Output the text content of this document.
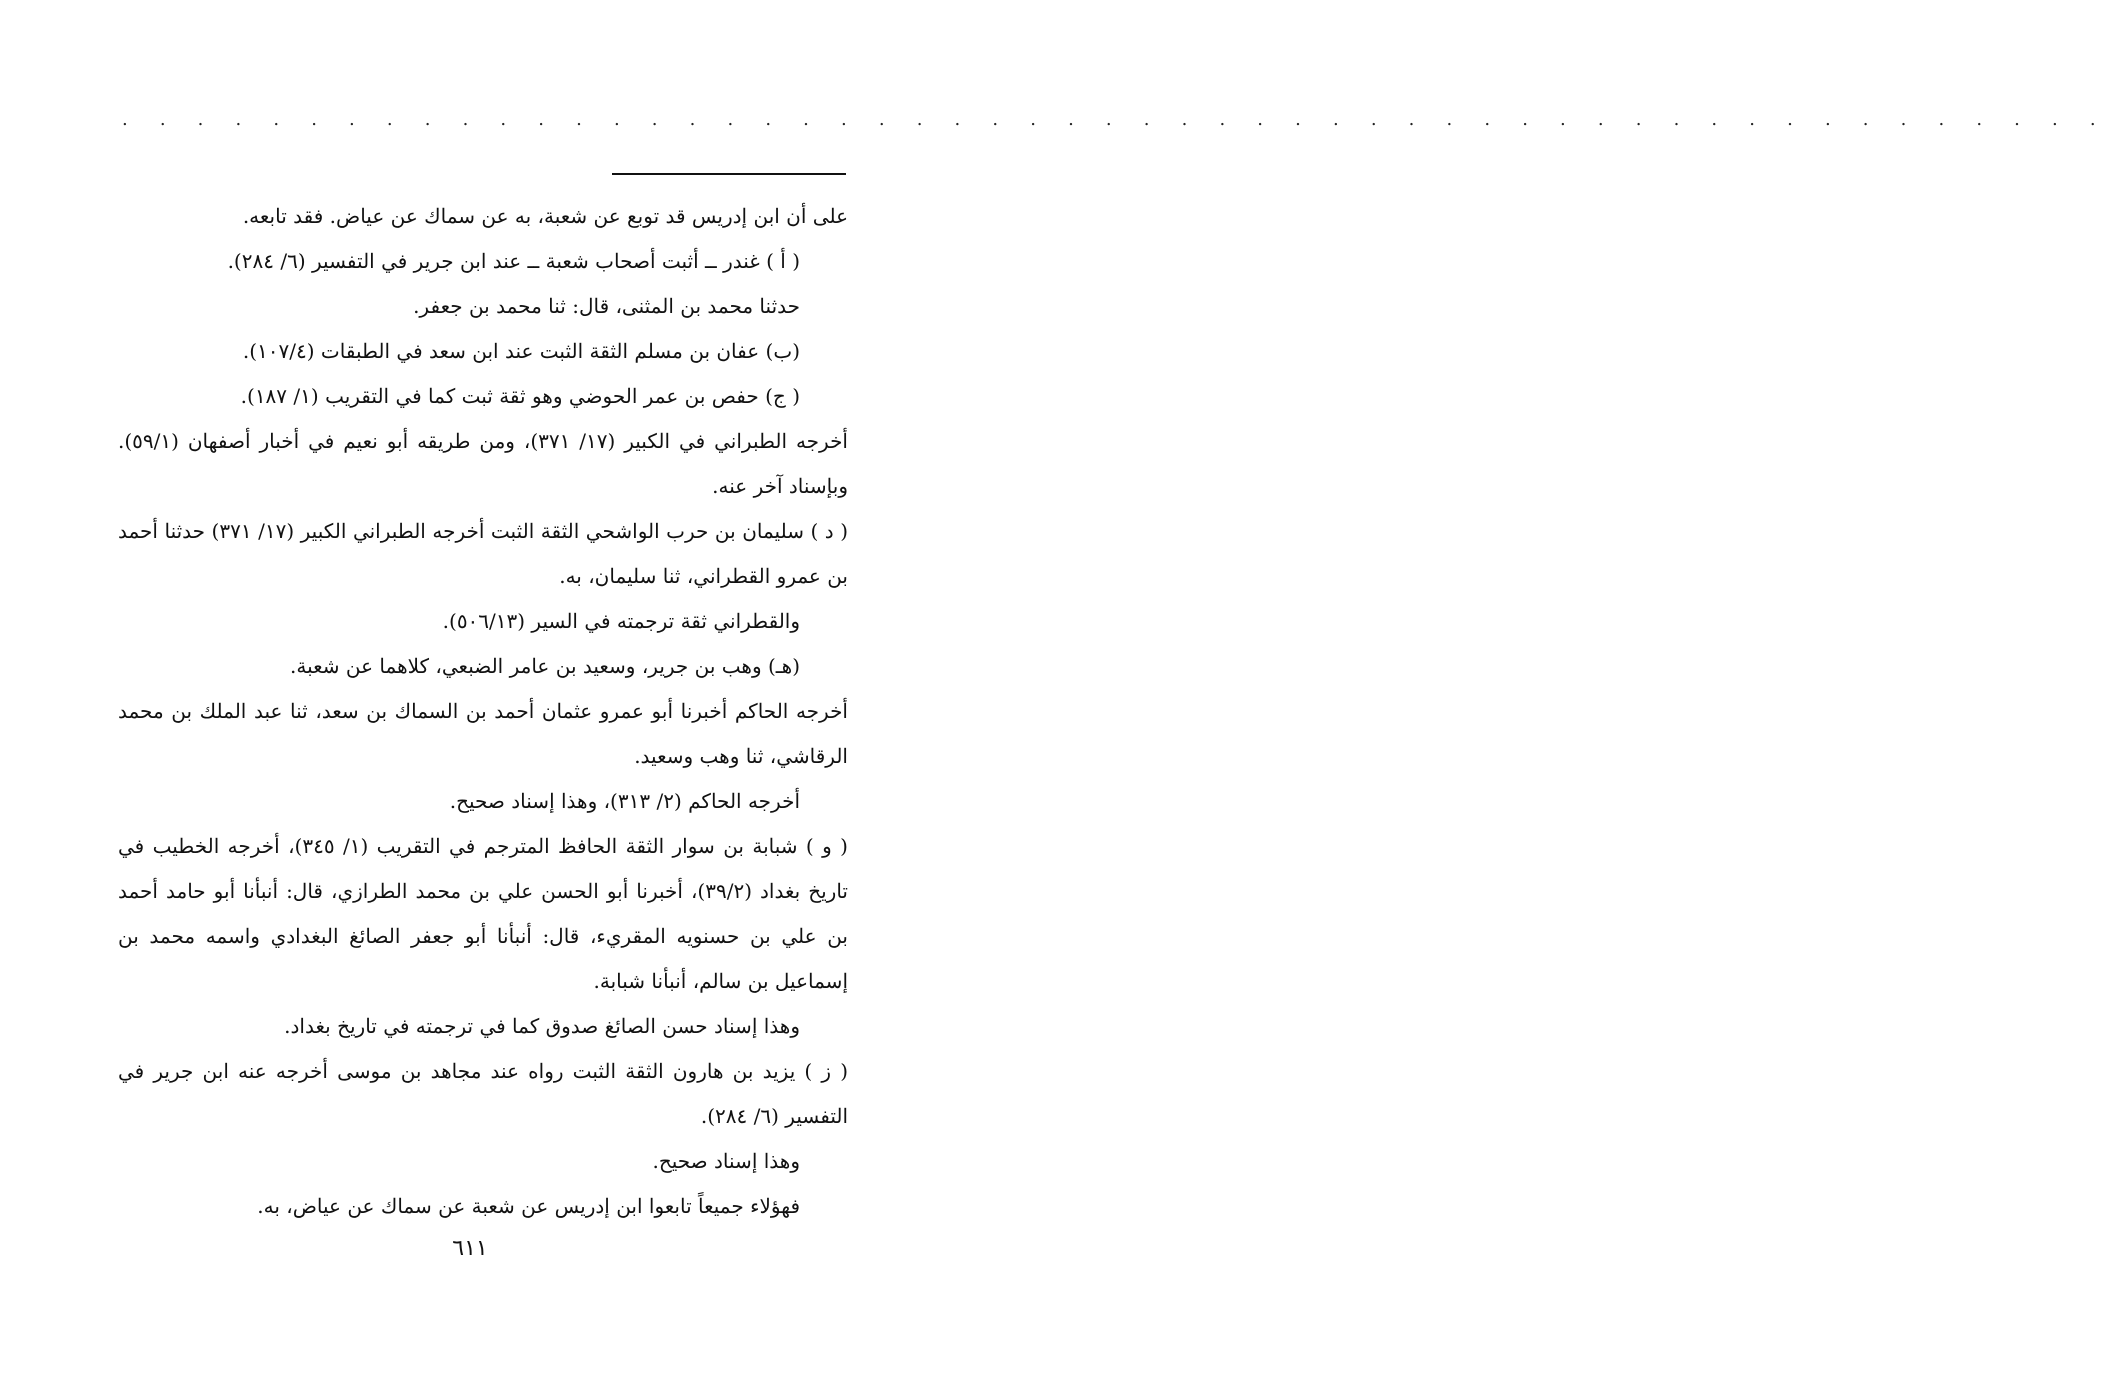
. . . . . . . . . . . . . . . . . . . . . . . . . . . . . . . . . . . . . . . . . . . . . . . . . . . . .

على أن ابن إدريس قد توبع عن شعبة، به عن سماك عن عياض. فقد تابعه.

( أ ) غندر ــ أثبت أصحاب شعبة ــ عند ابن جرير في التفسير (٦/ ٢٨٤).

حدثنا محمد بن المثنى، قال: ثنا محمد بن جعفر.

(ب) عفان بن مسلم الثقة الثبت عند ابن سعد في الطبقات (١٠٧/٤).

( ج) حفص بن عمر الحوضي وهو ثقة ثبت كما في التقريب (١/ ١٨٧).

أخرجه الطبراني في الكبير (١٧/ ٣٧١)، ومن طريقه أبو نعيم في أخبار أصفهان (٥٩/١). وبإسناد آخر عنه.

( د ) سليمان بن حرب الواشحي الثقة الثبت أخرجه الطبراني الكبير (١٧/ ٣٧١) حدثنا أحمد بن عمرو القطراني، ثنا سليمان، به.

والقطراني ثقة ترجمته في السير (٥٠٦/١٣).

(هـ) وهب بن جرير، وسعيد بن عامر الضبعي، كلاهما عن شعبة.

أخرجه الحاكم أخبرنا أبو عمرو عثمان أحمد بن السماك بن سعد، ثنا عبد الملك بن محمد الرقاشي، ثنا وهب وسعيد.

أخرجه الحاكم (٢/ ٣١٣)، وهذا إسناد صحيح.

( و ) شبابة بن سوار الثقة الحافظ المترجم في التقريب (١/ ٣٤٥)، أخرجه الخطيب في تاريخ بغداد (٣٩/٢)، أخبرنا أبو الحسن علي بن محمد الطرازي، قال: أنبأنا أبو حامد أحمد بن علي بن حسنويه المقريء، قال: أنبأنا أبو جعفر الصائغ البغدادي واسمه محمد بن إسماعيل بن سالم، أنبأنا شبابة.

وهذا إسناد حسن الصائغ صدوق كما في ترجمته في تاريخ بغداد.

( ز ) يزيد بن هارون الثقة الثبت رواه عند مجاهد بن موسى أخرجه عنه ابن جرير في التفسير (٦/ ٢٨٤).

وهذا إسناد صحيح.

فهؤلاء جميعاً تابعوا ابن إدريس عن شعبة عن سماك عن عياض، به.

٦١١
